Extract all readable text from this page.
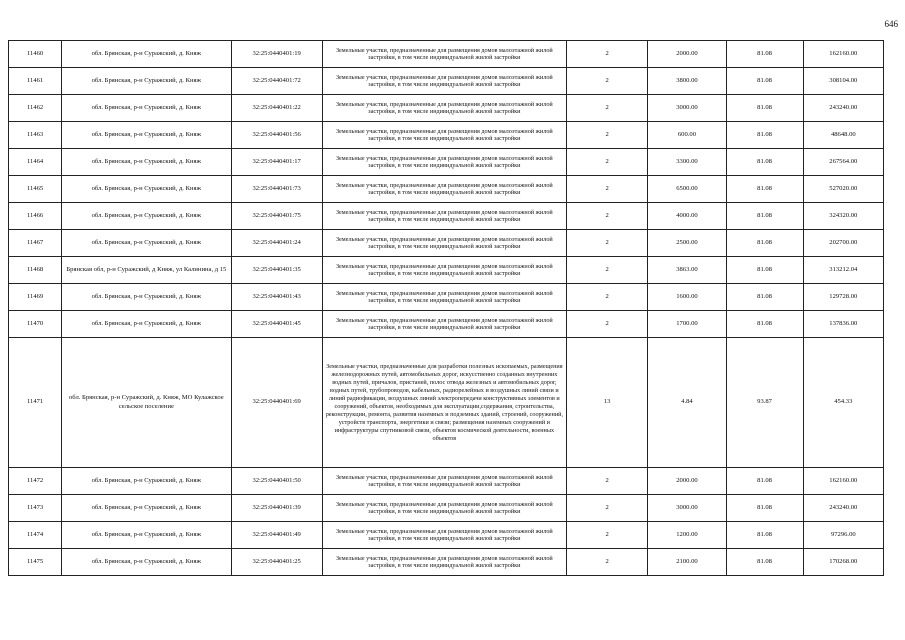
646
11460	обл. Брянская, р-н Суражский, д. Княж	32:25:0440401:19	Земельные участки, предназначенные для размещения домов малоэтажной жилой застройки, в том числе индивидуальной жилой застройки	2	2000.00	81.08	162160.00
11461	обл. Брянская, р-н Суражский, д. Княж	32:25:0440401:72	Земельные участки, предназначенные для размещения домов малоэтажной жилой застройки, в том числе индивидуальной жилой застройки	2	3800.00	81.08	308104.00
11462	обл. Брянская, р-н Суражский, д. Княж	32:25:0440401:22	Земельные участки, предназначенные для размещения домов малоэтажной жилой застройки, в том числе индивидуальной жилой застройки	2	3000.00	81.08	243240.00
11463	обл. Брянская, р-н Суражский, д. Княж	32:25:0440401:56	Земельные участки, предназначенные для размещения домов малоэтажной жилой застройки, в том числе индивидуальной жилой застройки	2	600.00	81.08	48648.00
11464	обл. Брянская, р-н Суражский, д. Княж	32:25:0440401:17	Земельные участки, предназначенные для размещения домов малоэтажной жилой застройки, в том числе индивидуальной жилой застройки	2	3300.00	81.08	267564.00
11465	обл. Брянская, р-н Суражский, д. Княж	32:25:0440401:73	Земельные участки, предназначенные для размещения домов малоэтажной жилой застройки, в том числе индивидуальной жилой застройки	2	6500.00	81.08	527020.00
11466	обл. Брянская, р-н Суражский, д. Княж	32:25:0440401:75	Земельные участки, предназначенные для размещения домов малоэтажной жилой застройки, в том числе индивидуальной жилой застройки	2	4000.00	81.08	324320.00
11467	обл. Брянская, р-н Суражский, д. Княж	32:25:0440401:24	Земельные участки, предназначенные для размещения домов малоэтажной жилой застройки, в том числе индивидуальной жилой застройки	2	2500.00	81.08	202700.00
11468	Брянская обл, р-н Суражский, д Княж, ул Калинина, д 15	32:25:0440401:35	Земельные участки, предназначенные для размещения домов малоэтажной жилой застройки, в том числе индивидуальной жилой застройки	2	3863.00	81.08	313212.04
11469	обл. Брянская, р-н Суражский, д. Княж	32:25:0440401:43	Земельные участки, предназначенные для размещения домов малоэтажной жилой застройки, в том числе индивидуальной жилой застройки	2	1600.00	81.08	129728.00
11470	обл. Брянская, р-н Суражский, д. Княж	32:25:0440401:45	Земельные участки, предназначенные для размещения домов малоэтажной жилой застройки, в том числе индивидуальной жилой застройки	2	1700.00	81.08	137836.00
11471	обл. Брянская, р-н Суражский, д. Княж, МО Кулажское сельское поселение	32:25:0440401:69	Земельные участки, предназначенные для разработки полезных ископаемых, размещения железнодорожных путей, автомобильных дорог, искусственно созданных внутренних водных путей, причалов, пристаней, полос отвода железных и автомобильных дорог, водных путей, трубопроводов, кабельных, радиорелейных и воздушных линий связи и линий радиофикации, воздушных линий электропередачи конструктивных элементов и сооружений, объектов, необходимых для эксплуатации,содержания, строительства, реконструкции, ремонта, развития наземных и подземных зданий, строений, сооружений, устройств транспорта, энергетики и связи; размещения наземных сооружений и инфраструктуры спутниковой связи, объектов космической деятельности, военных объектов	13	4.84	93.87	454.33
11472	обл. Брянская, р-н Суражский, д. Княж	32:25:0440401:50	Земельные участки, предназначенные для размещения домов малоэтажной жилой застройки, в том числе индивидуальной жилой застройки	2	2000.00	81.08	162160.00
11473	обл. Брянская, р-н Суражский, д. Княж	32:25:0440401:39	Земельные участки, предназначенные для размещения домов малоэтажной жилой застройки, в том числе индивидуальной жилой застройки	2	3000.00	81.08	243240.00
11474	обл. Брянская, р-н Суражский, д. Княж	32:25:0440401:49	Земельные участки, предназначенные для размещения домов малоэтажной жилой застройки, в том числе индивидуальной жилой застройки	2	1200.00	81.08	97296.00
11475	обл. Брянская, р-н Суражский, д. Княж	32:25:0440401:25	Земельные участки, предназначенные для размещения домов малоэтажной жилой застройки, в том числе индивидуальной жилой застройки	2	2100.00	81.08	170268.00
